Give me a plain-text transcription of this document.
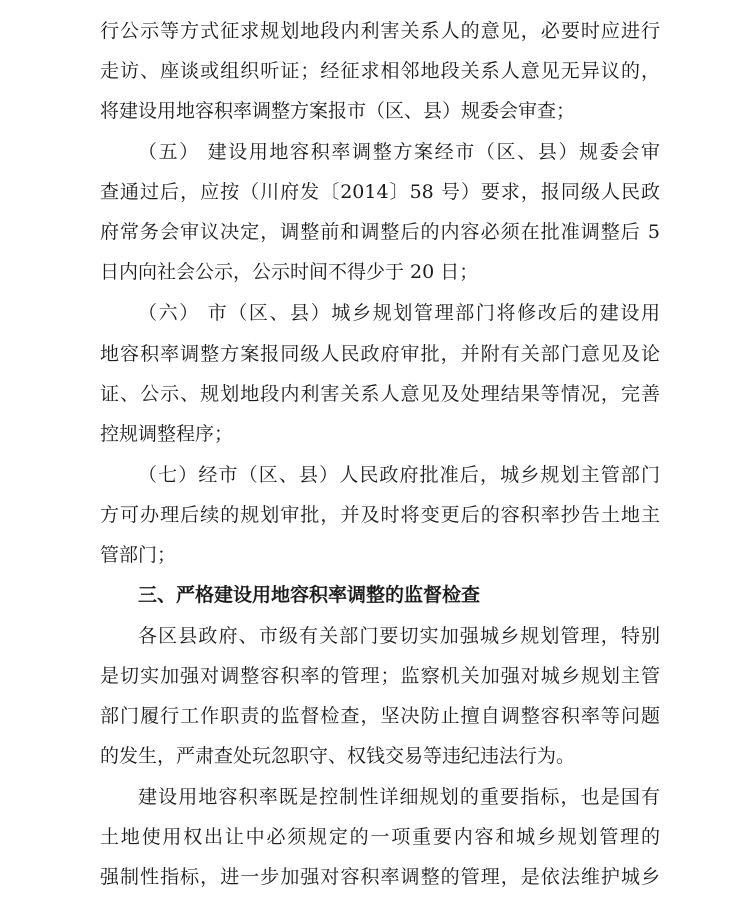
行公示等方式征求规划地段内利害关系人的意见，必要时应进行
走访、座谈或组织听证；经征求相邻地段关系人意见无异议的，
将建设用地容积率调整方案报市（区、县）规委会审查；
（五） 建设用地容积率调整方案经市（区、县）规委会审
查通过后，应按（川府发〔2014〕58 号）要求，报同级人民政
府常务会审议决定，调整前和调整后的内容必须在批准调整后 5
日内向社会公示，公示时间不得少于 20 日；
（六） 市（区、县）城乡规划管理部门将修改后的建设用
地容积率调整方案报同级人民政府审批，并附有关部门意见及论
证、公示、规划地段内利害关系人意见及处理结果等情况，完善
控规调整程序；
（七）经市（区、县）人民政府批准后，城乡规划主管部门
方可办理后续的规划审批，并及时将变更后的容积率抄告土地主
管部门；
三、严格建设用地容积率调整的监督检查
各区县政府、市级有关部门要切实加强城乡规划管理，特别
是切实加强对调整容积率的管理；监察机关加强对城乡规划主管
部门履行工作职责的监督检查，坚决防止擅自调整容积率等问题
的发生，严肃查处玩忽职守、权钱交易等违纪违法行为。
建设用地容积率既是控制性详细规划的重要指标，也是国有
土地使用权出让中必须规定的一项重要内容和城乡规划管理的
强制性指标，进一步加强对容积率调整的管理，是依法维护城乡
